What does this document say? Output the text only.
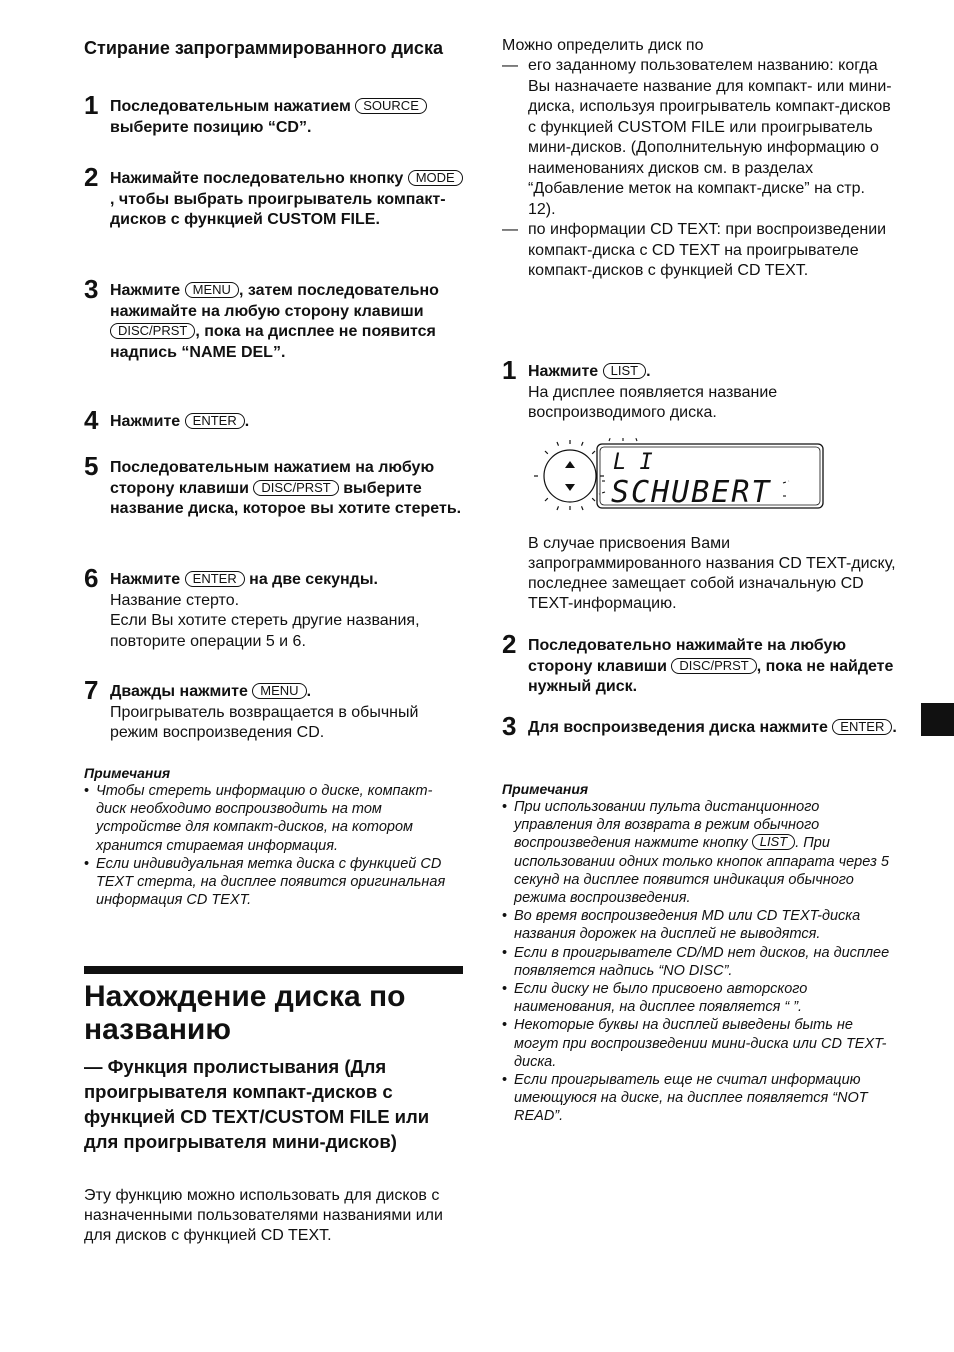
Стирание запрограммированного диска
1 Последовательным нажатием SOURCE выберите позицию “CD”.
2 Нажимайте последовательно кнопку MODE, чтобы выбрать проигрыватель компакт-дисков с функцией CUSTOM FILE.
3 Нажмите MENU , затем последовательно нажимайте на любую сторону клавиши DISC/PRST , пока на дисплее не появится надпись “NAME DEL”.
4 Нажмите ENTER .
5 Последовательным нажатием на любую сторону клавиши DISC/PRST выберите название диска, которое вы хотите стереть.
6 Нажмите ENTER на две секунды.
Название стерто.
Если Вы хотите стереть другие названия, повторите операции 5 и 6.
7 Дважды нажмите MENU .
Проигрыватель возвращается в обычный режим воспроизведения CD.
Примечания
• Чтобы стереть информацию о диске, компакт-диск необходимо воспроизводить на том устройстве для компакт-дисков, на котором хранится стираемая информация.
• Если индивидуальная метка диска с функцией CD TEXT стерта, на дисплее появится оригинальная информация CD TEXT.
Нахождение диска по названию
— Функция пролистывания (Для проигрывателя компакт-дисков с функцией CD TEXT/CUSTOM FILE или для проигрывателя мини-дисков)
Эту функцию можно использовать для дисков с назначенными пользователями названиями или для дисков с функцией CD TEXT.
Можно определить диск по
— его заданному пользователем названию: когда Вы назначаете название для компакт- или мини-диска, используя проигрыватель компакт-дисков с функцией CUSTOM FILE или проигрыватель мини-дисков. (Дополнительную информацию о наименованиях дисков см. в разделах “Добавление меток на компакт-диске” на стр. 12).
— по информации CD TEXT: при воспроизведении компакт-диска с CD TEXT на проигрывателе компакт-дисков с функцией CD TEXT.
1 Нажмите LIST .
На дисплее появляется название воспроизводимого диска.
В случае присвоения Вами запрограммированного названия CD TEXT-диску, последнее замещает собой изначальную CD TEXT-информацию.
2 Последовательно нажимайте на любую сторону клавиши DISC/PRST , пока не найдете нужный диск.
3 Для воспроизведения диска нажмите ENTER .
Примечания
• При использовании пульта дистанционного управления для возврата в режим обычного воспроизведения нажмите кнопку LIST . При использовании одних только кнопок аппарата через 5 секунд на дисплее появится индикация обычного режима воспроизведения.
• Во время воспроизведения MD или CD TEXT-диска названия дорожек на дисплей не выводятся.
• Если в проигрывателе CD/MD нет дисков, на дисплее появляется надпись “NO DISC”.
• Если диску не было присвоено авторского наименования, на дисплее появляется “ ”.
• Некоторые буквы на дисплей выведены быть не могут при воспроизведении мини-диска или CD TEXT-диска.
• Если проигрыватель еще не считал информацию имеющуюся на диске, на дисплее появляется “NOT READ”.
L I
SCHUBERT
